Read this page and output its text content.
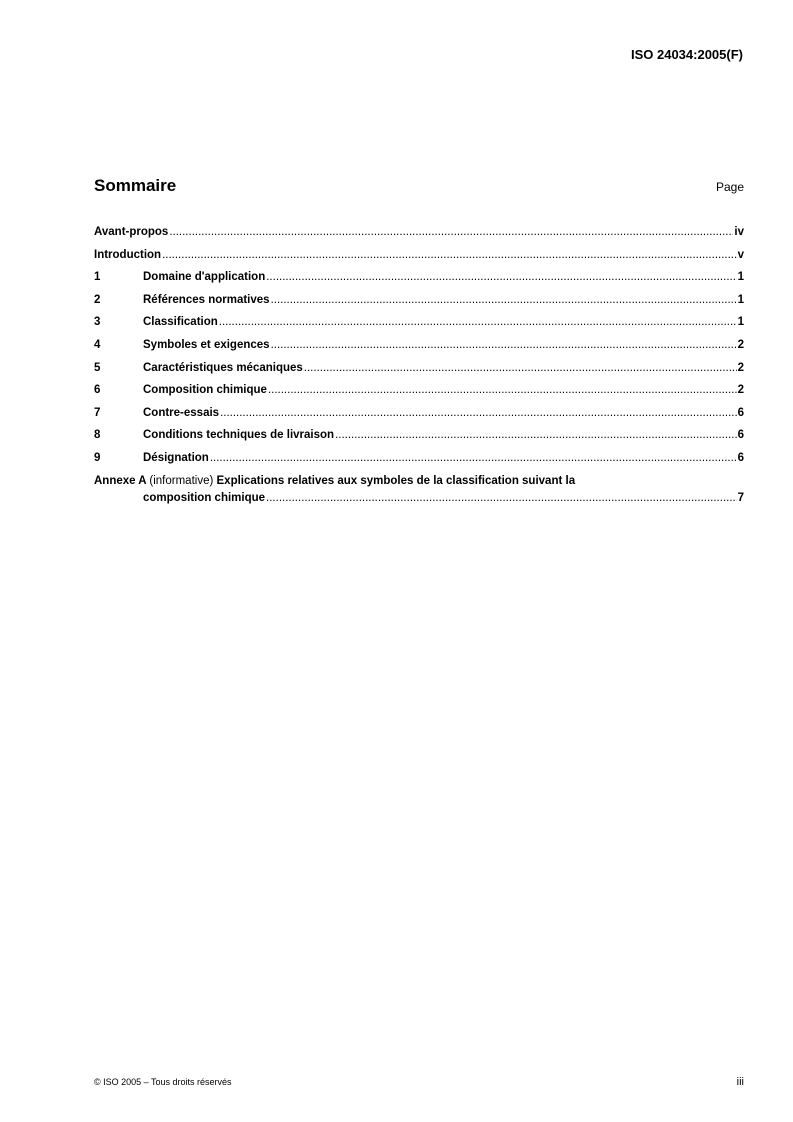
ISO 24034:2005(F)
Sommaire	Page
Avant-propos .....	iv
Introduction .....	v
1	Domaine d'application .....	1
2	Références normatives .....	1
3	Classification .....	1
4	Symboles et exigences .....	2
5	Caractéristiques mécaniques .....	2
6	Composition chimique .....	2
7	Contre-essais .....	6
8	Conditions techniques de livraison .....	6
9	Désignation .....	6
Annexe A (informative) Explications relatives aux symboles de la classification suivant la
composition chimique .....	7
© ISO 2005 – Tous droits réservés	iii
